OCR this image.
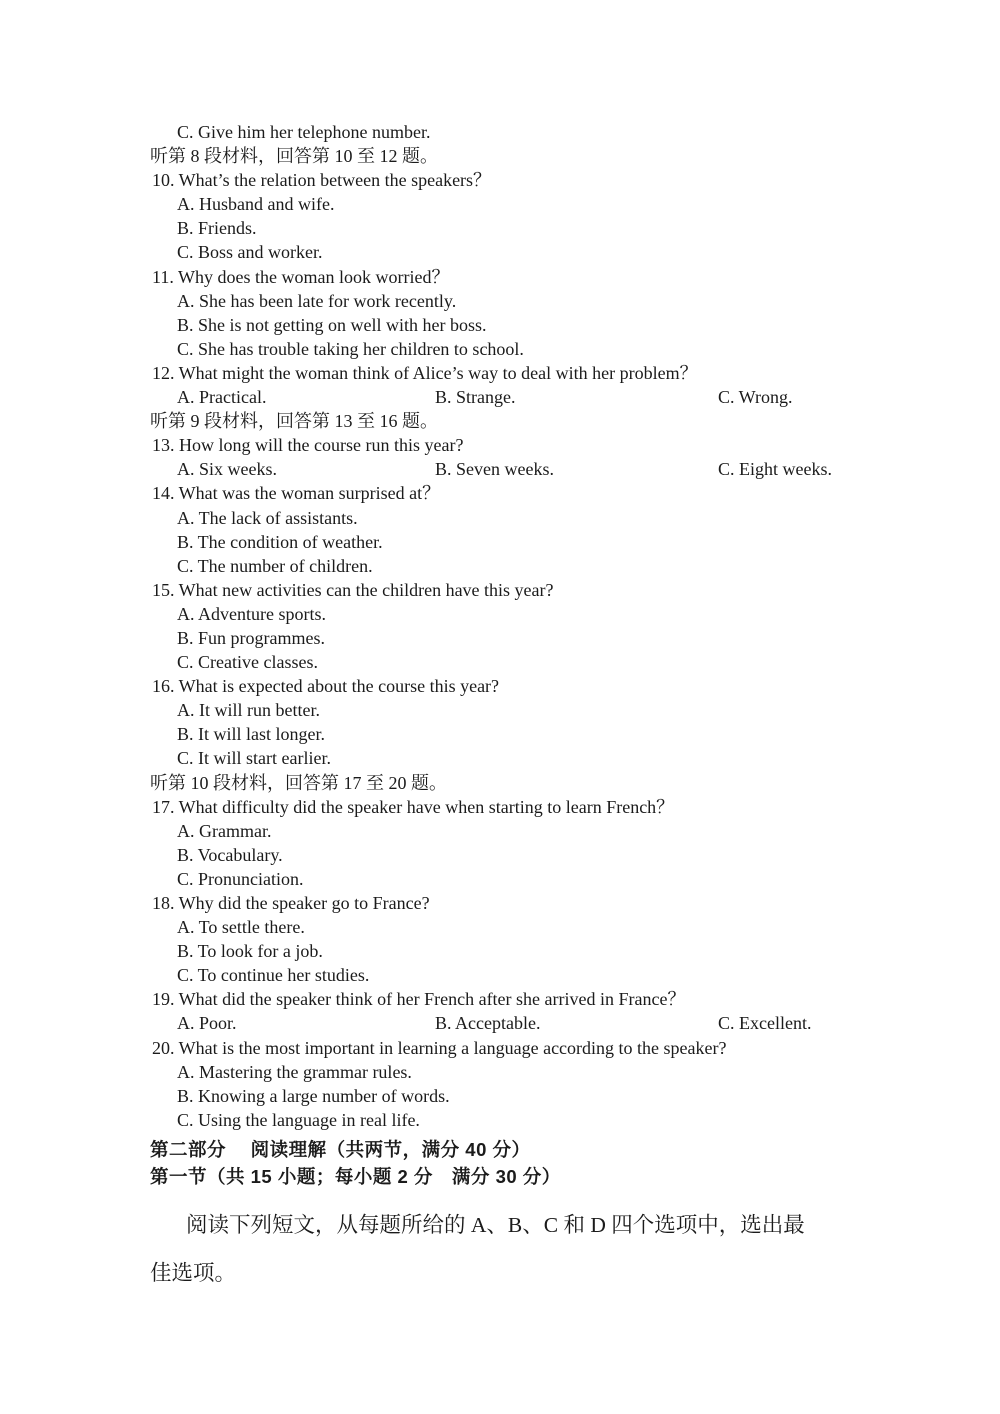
C. Give him her telephone number.
听第 8 段材料，回答第 10 至 12 题。
10. What’s the relation between the speakers？
A. Husband and wife.
B. Friends.
C. Boss and worker.
11. Why does the woman look worried？
A. She has been late for work recently.
B. She is not getting on well with her boss.
C. She has trouble taking her children to school.
12. What might the woman think of Alice’s way to deal with her problem？
A. Practical.	B. Strange.	C. Wrong.
听第 9 段材料，回答第 13 至 16 题。
13. How long will the course run this year?
A. Six weeks.	B. Seven weeks.	C. Eight weeks.
14. What was the woman surprised at？
A. The lack of assistants.
B. The condition of weather.
C. The number of children.
15. What new activities can the children have this year?
A. Adventure sports.
B. Fun programmes.
C. Creative classes.
16. What is expected about the course this year?
A. It will run better.
B. It will last longer.
C. It will start earlier.
听第 10 段材料，回答第 17 至 20 题。
17. What difficulty did the speaker have when starting to learn French？
A. Grammar.
B. Vocabulary.
C. Pronunciation.
18. Why did the speaker go to France?
A. To settle there.
B. To look for a job.
C. To continue her studies.
19. What did the speaker think of her French after she arrived in France？
A. Poor.	B. Acceptable.	C. Excellent.
20. What is the most important in learning a language according to the speaker?
A. Mastering the grammar rules.
B. Knowing a large number of words.
C. Using the language in real life.
第二部分　 阅读理解（共两节，满分 40 分）
第一节（共 15 小题；每小题 2 分　满分 30 分）
阅读下列短文，从每题所给的 A、B、C 和 D 四个选项中，选出最
佳选项。
